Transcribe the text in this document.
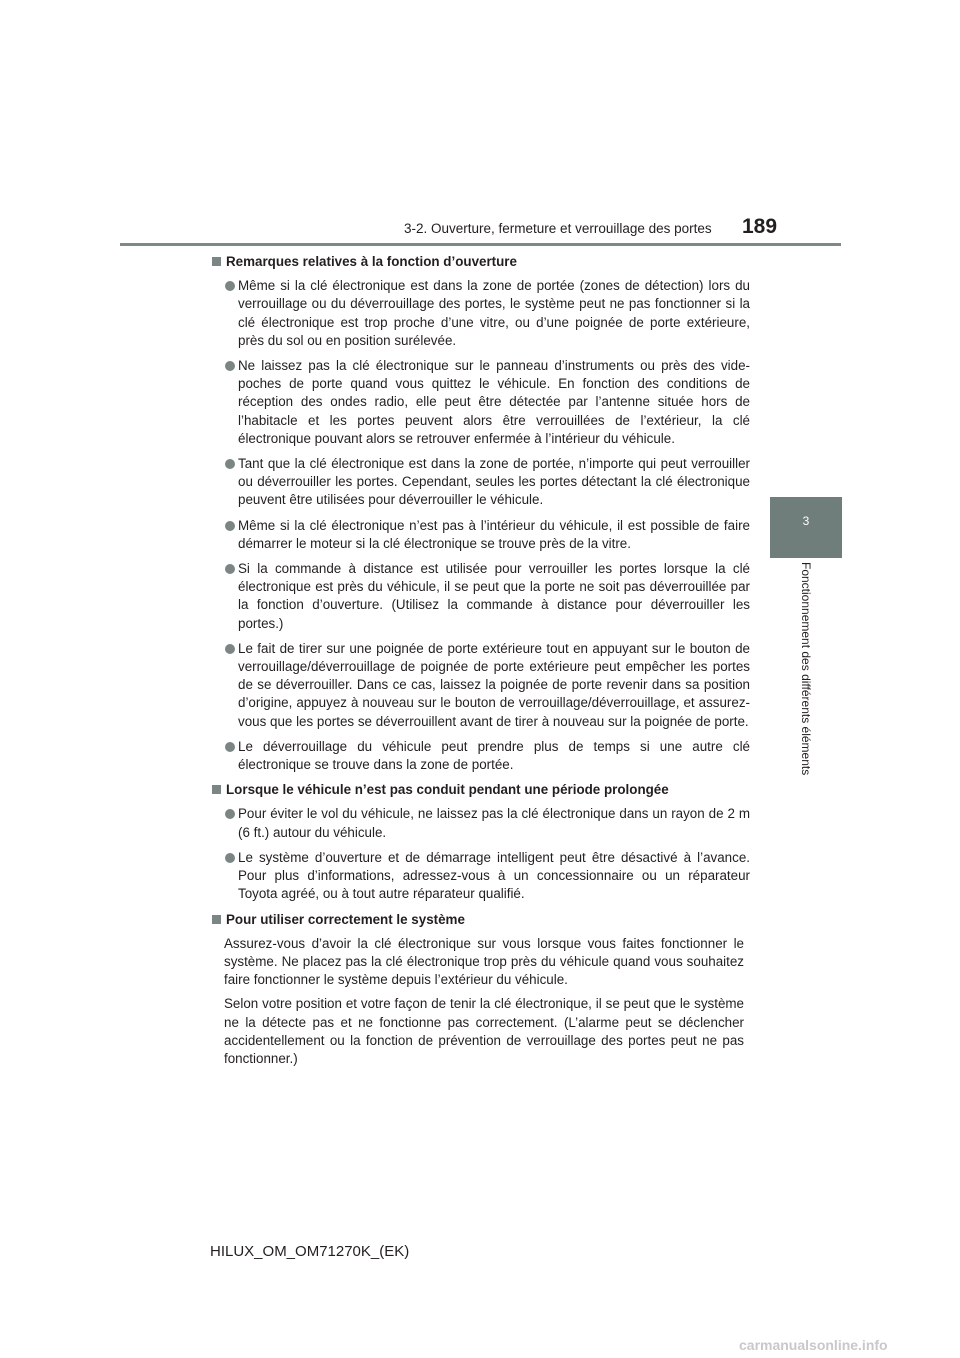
3-2. Ouverture, fermeture et verrouillage des portes 189
3
Fonctionnement des différents éléments
Remarques relatives à la fonction d’ouverture
Même si la clé électronique est dans la zone de portée (zones de détection) lors du verrouillage ou du déverrouillage des portes, le système peut ne pas fonctionner si la clé électronique est trop proche d’une vitre, ou d’une poignée de porte extérieure, près du sol ou en position surélevée.
Ne laissez pas la clé électronique sur le panneau d’instruments ou près des vide-poches de porte quand vous quittez le véhicule. En fonction des conditions de réception des ondes radio, elle peut être détectée par l’antenne située hors de l’habitacle et les portes peuvent alors être verrouillées de l’extérieur, la clé électronique pouvant alors se retrouver enfermée à l’intérieur du véhicule.
Tant que la clé électronique est dans la zone de portée, n’importe qui peut verrouiller ou déverrouiller les portes. Cependant, seules les portes détectant la clé électronique peuvent être utilisées pour déverrouiller le véhicule.
Même si la clé électronique n’est pas à l’intérieur du véhicule, il est possible de faire démarrer le moteur si la clé électronique se trouve près de la vitre.
Si la commande à distance est utilisée pour verrouiller les portes lorsque la clé électronique est près du véhicule, il se peut que la porte ne soit pas déverrouillée par la fonction d’ouverture. (Utilisez la commande à distance pour déverrouiller les portes.)
Le fait de tirer sur une poignée de porte extérieure tout en appuyant sur le bouton de verrouillage/déverrouillage de poignée de porte extérieure peut empêcher les portes de se déverrouiller. Dans ce cas, laissez la poignée de porte revenir dans sa position d’origine, appuyez à nouveau sur le bouton de verrouillage/déverrouillage, et assurez-vous que les portes se déverrouillent avant de tirer à nouveau sur la poignée de porte.
Le déverrouillage du véhicule peut prendre plus de temps si une autre clé électronique se trouve dans la zone de portée.
Lorsque le véhicule n’est pas conduit pendant une période prolongée
Pour éviter le vol du véhicule, ne laissez pas la clé électronique dans un rayon de 2 m (6 ft.) autour du véhicule.
Le système d’ouverture et de démarrage intelligent peut être désactivé à l’avance. Pour plus d’informations, adressez-vous à un concessionnaire ou un réparateur Toyota agréé, ou à tout autre réparateur qualifié.
Pour utiliser correctement le système
Assurez-vous d’avoir la clé électronique sur vous lorsque vous faites fonctionner le système. Ne placez pas la clé électronique trop près du véhicule quand vous souhaitez faire fonctionner le système depuis l’extérieur du véhicule.
Selon votre position et votre façon de tenir la clé électronique, il se peut que le système ne la détecte pas et ne fonctionne pas correctement. (L’alarme peut se déclencher accidentellement ou la fonction de prévention de verrouillage des portes peut ne pas fonctionner.)
HILUX_OM_OM71270K_(EK)
carmanualsonline.info
